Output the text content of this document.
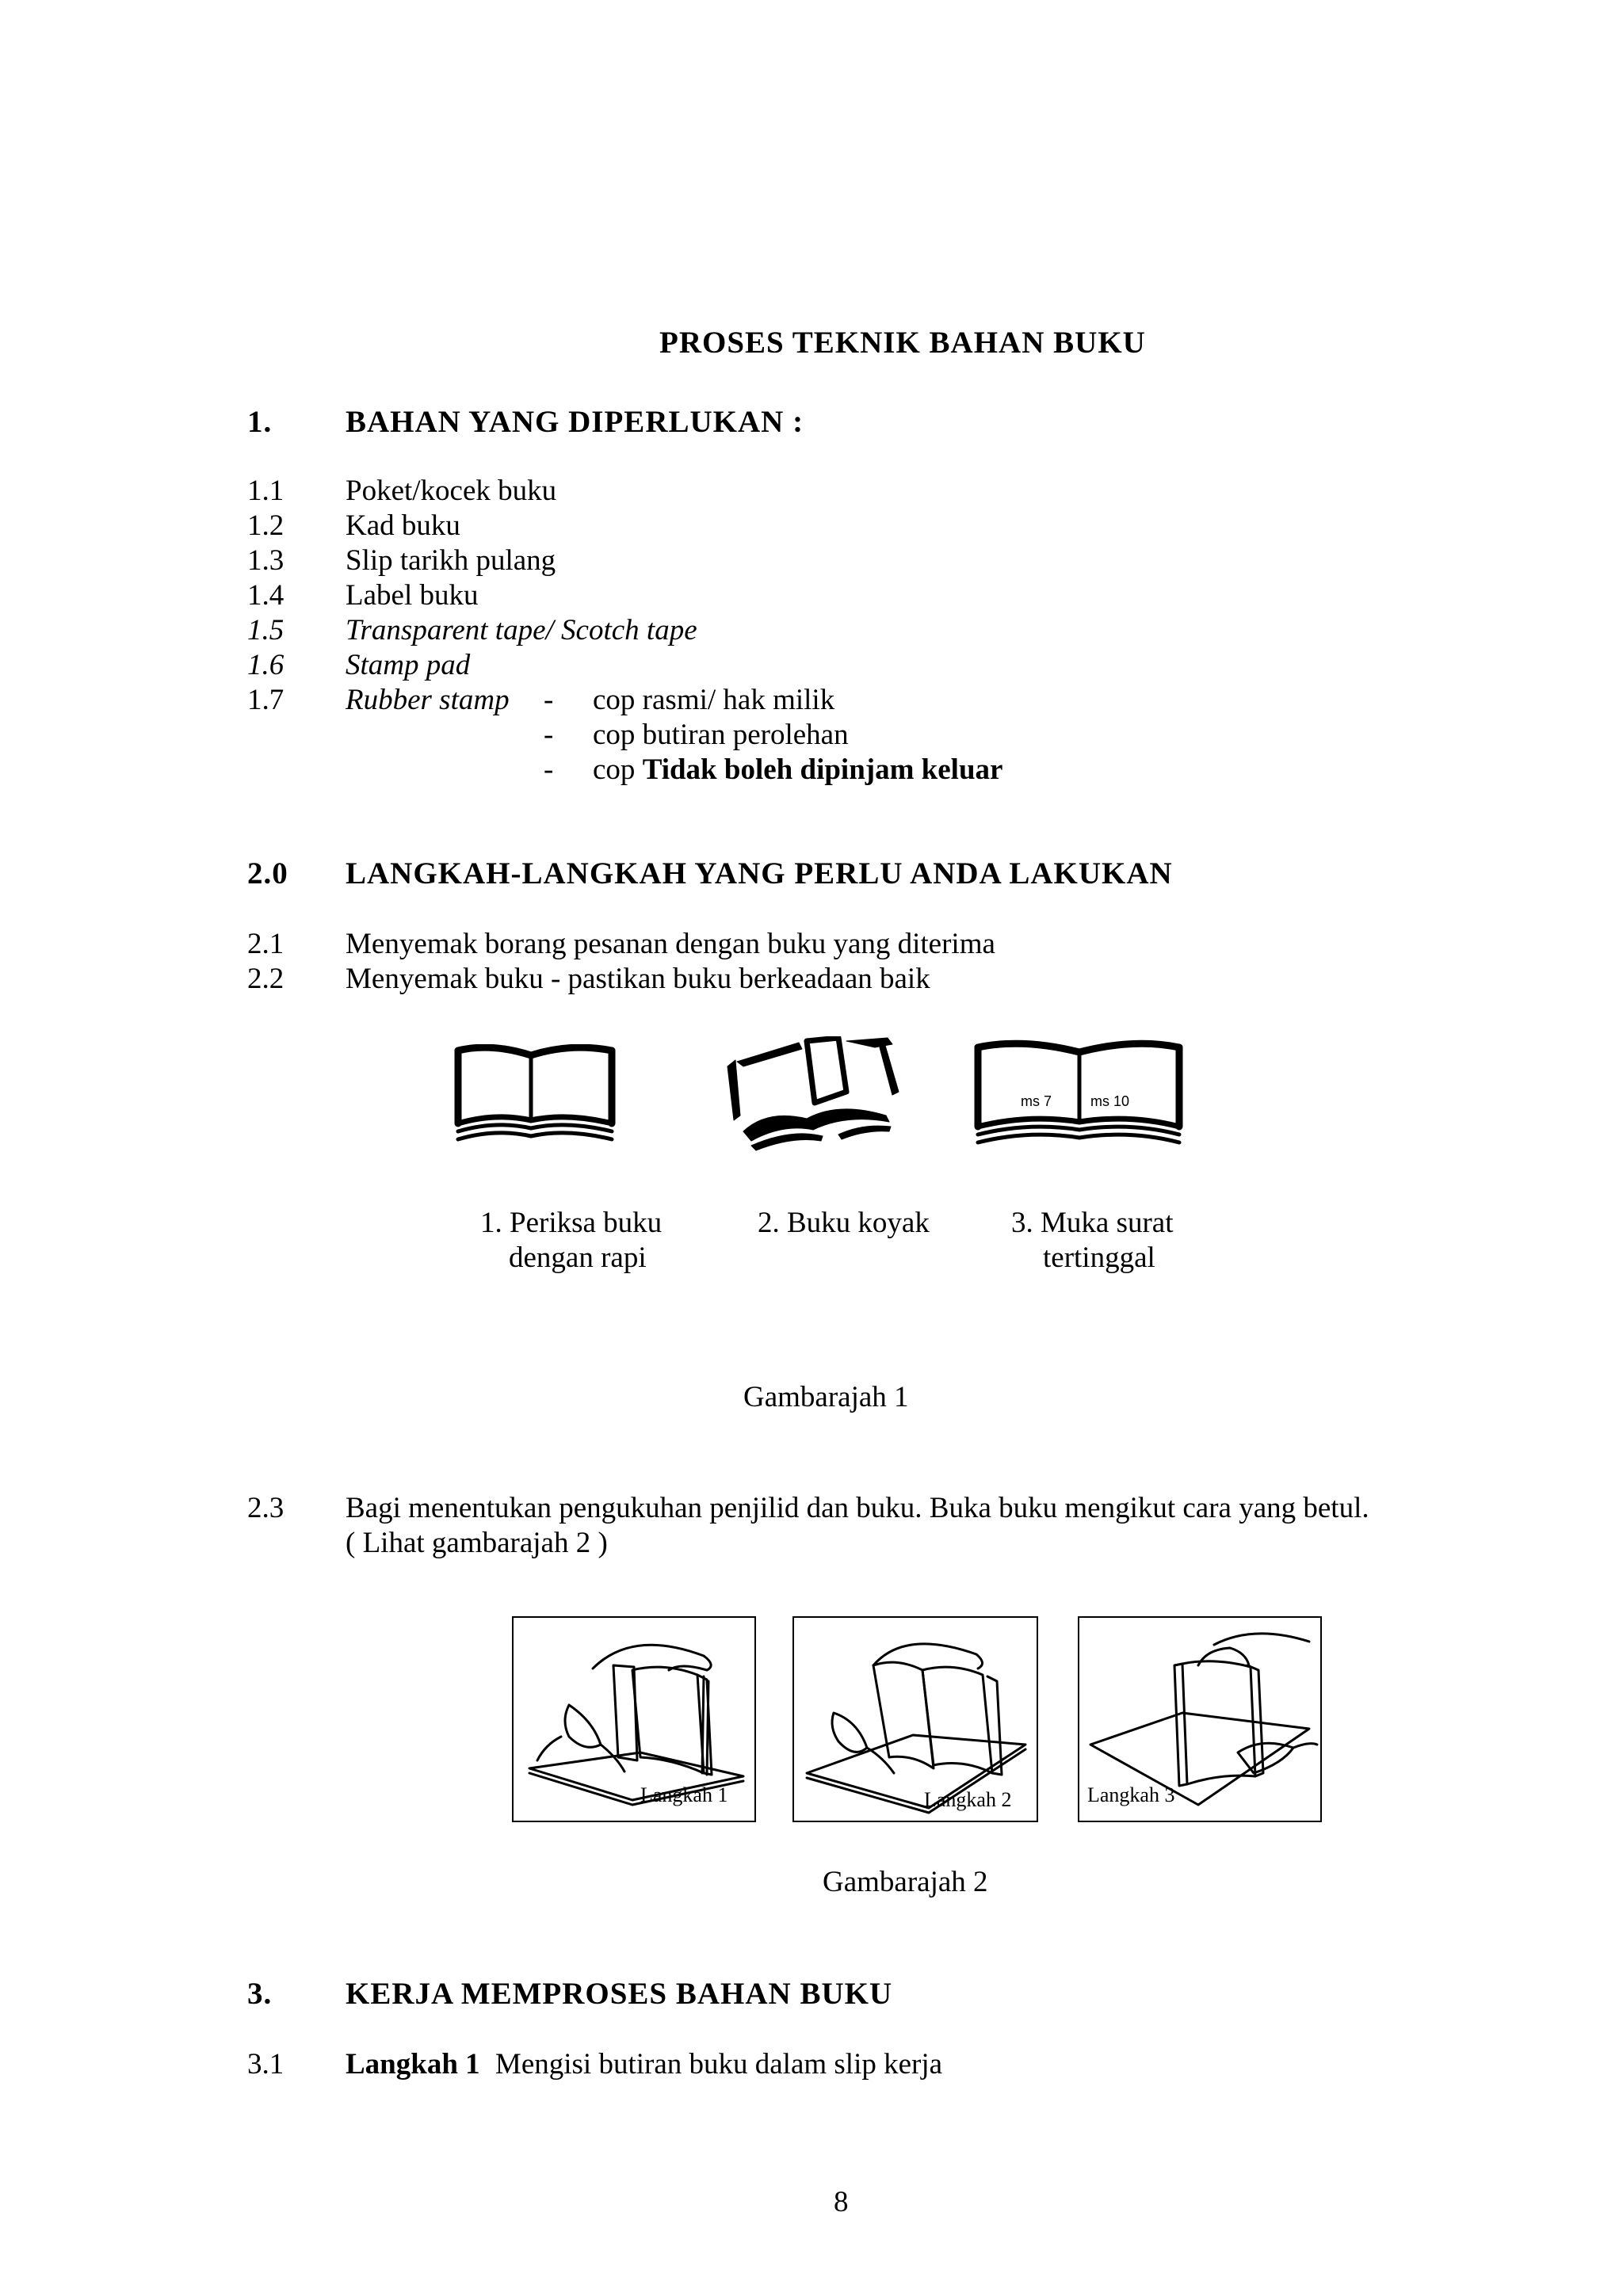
PROSES TEKNIK BAHAN BUKU
1. BAHAN YANG DIPERLUKAN :
1.1 Poket/kocek buku
1.2 Kad buku
1.3 Slip tarikh pulang
1.4 Label buku
1.5 Transparent tape/ Scotch tape
1.6 Stamp pad
1.7 Rubber stamp - cop rasmi/ hak milik
- cop butiran perolehan
- cop Tidak boleh dipinjam keluar
2.0 LANGKAH-LANGKAH YANG PERLU ANDA LAKUKAN
2.1 Menyemak borang pesanan dengan buku yang diterima
2.2 Menyemak buku - pastikan buku berkeadaan baik
ms 7	ms 10
1. Periksa buku
dengan rapi
2. Buku koyak	3. Muka surat
tertinggal
Gambarajah 1
2.3 Bagi menentukan pengukuhan penjilid dan buku. Buka buku mengikut cara yang betul.
( Lihat gambarajah 2 )
Langkah 1	Langkah 2	Langkah 3
Gambarajah 2
3. KERJA MEMPROSES BAHAN BUKU
3.1 Langkah 1 Mengisi butiran buku dalam slip kerja
8
